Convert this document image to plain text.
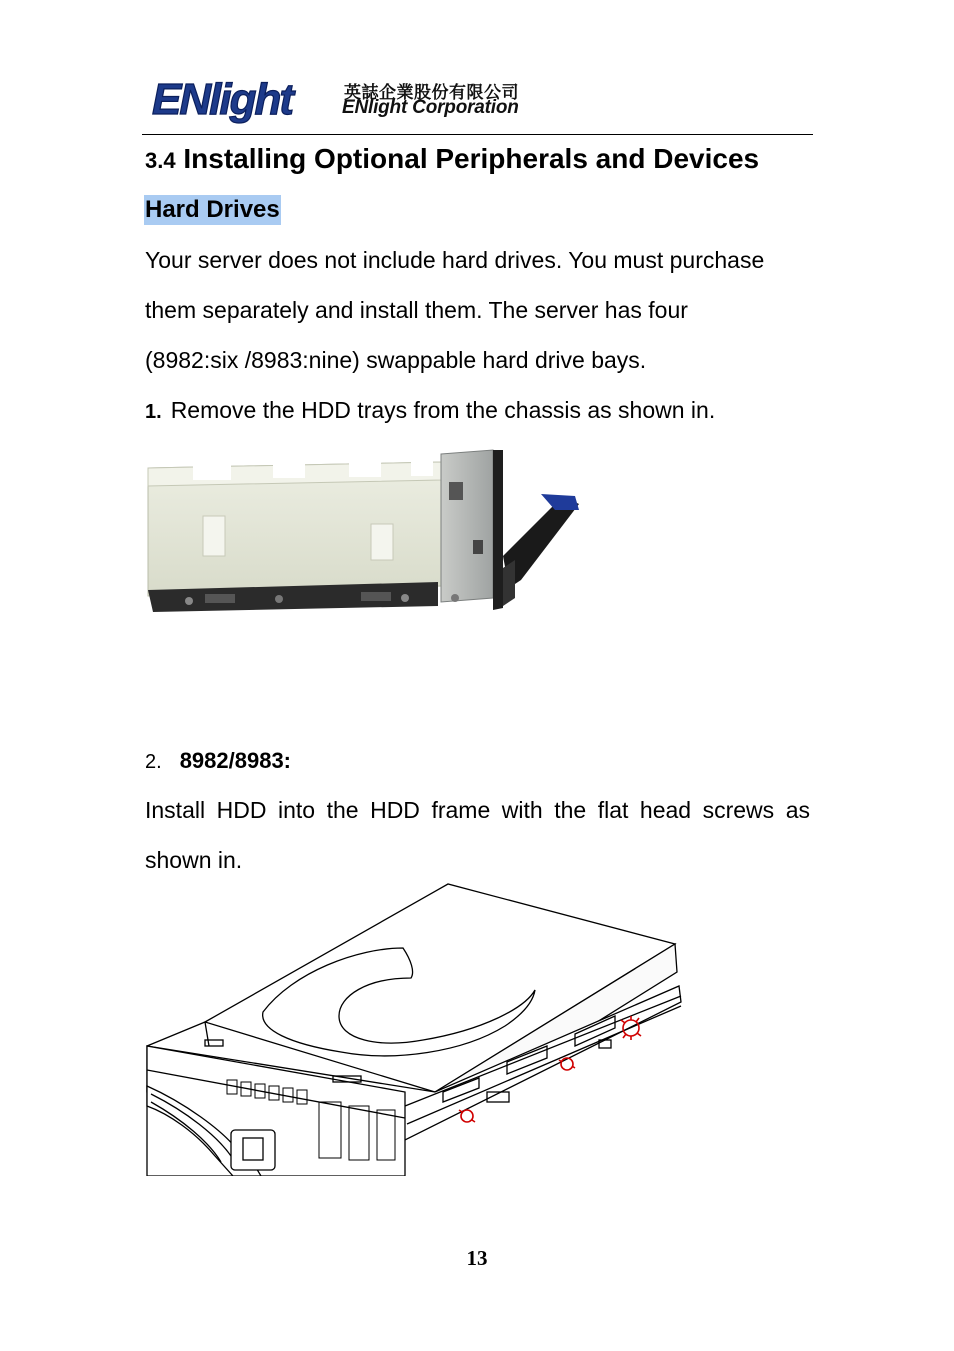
ENlight	英誌企業股份有限公司
ENlight Corporation
3.4 Installing Optional Peripherals and Devices
Hard Drives
Your server does not include hard drives. You must purchase
them separately and install them. The server has four
(8982:six /8983:nine) swappable hard drive bays.
1. Remove the HDD trays from the chassis as shown in.
2. 8982/8983:
Install HDD into the HDD frame with the flat head screws as
shown in.
13
